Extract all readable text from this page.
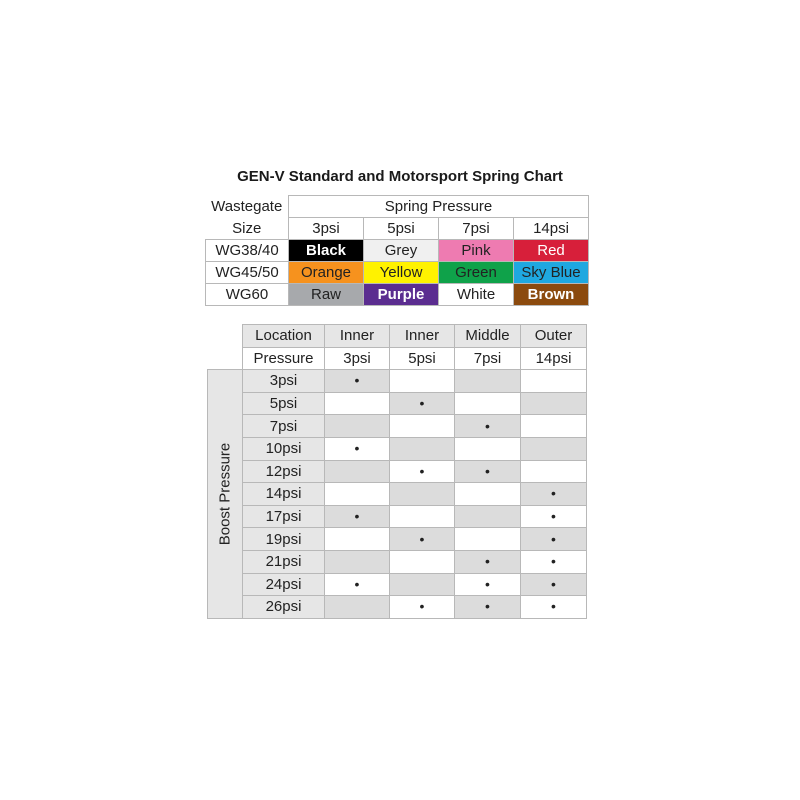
GEN-V Standard and Motorsport Spring Chart
Wastegate	Spring Pressure			
Size	3psi	5psi	7psi	14psi
WG38/40	Black	Grey	Pink	Red
WG45/50	Orange	Yellow	Green	Sky Blue
WG60	Raw	Purple	White	Brown
	Location	Inner	Inner	Middle	Outer
	Pressure	3psi	5psi	7psi	14psi

Boost Pressure	3psi	•			
	5psi		•		
	7psi			•	
	10psi	•			
	12psi		•	•	
	14psi				•
	17psi	•			•
	19psi		•		•
	21psi			•	•
	24psi	•		•	•
	26psi		•	•	•
